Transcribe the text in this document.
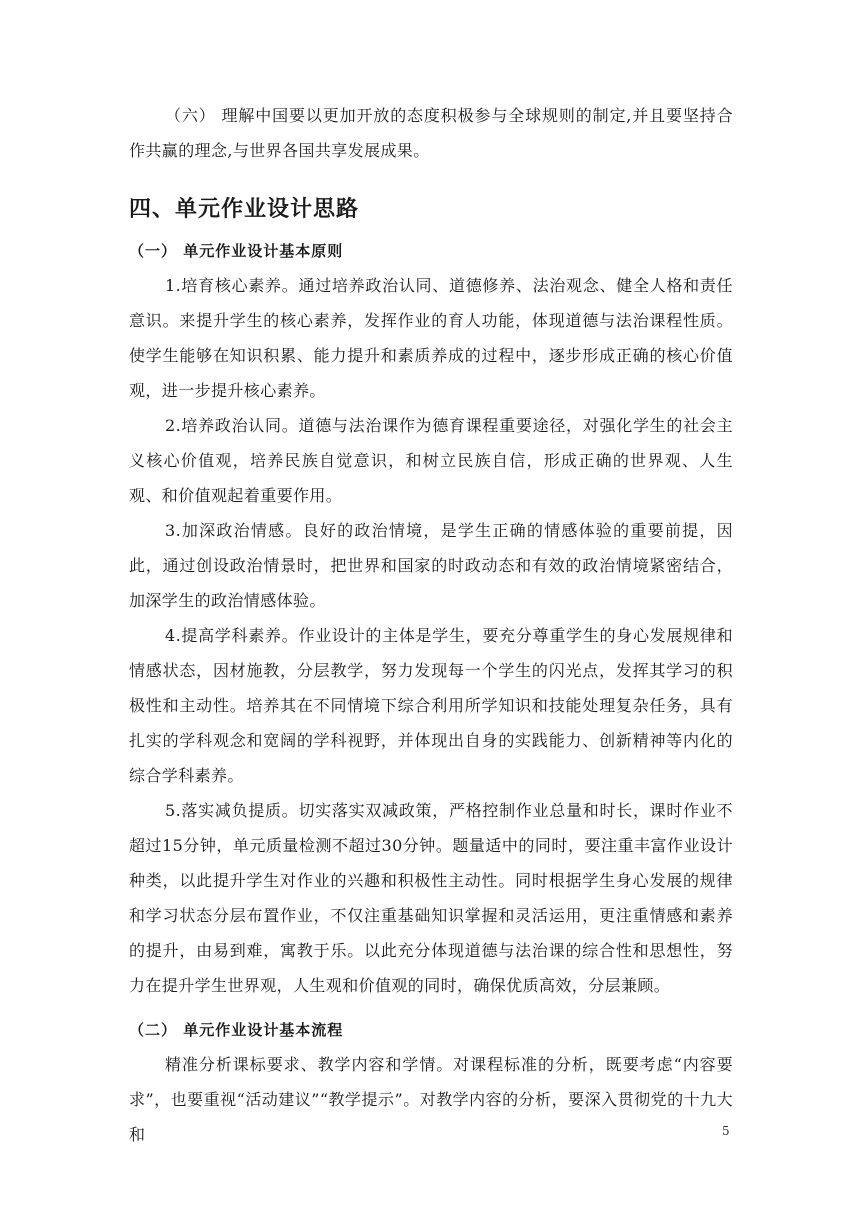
（六） 理解中国要以更加开放的态度积极参与全球规则的制定,并且要坚持合作共赢的理念,与世界各国共享发展成果。

四、单元作业设计思路
（一） 单元作业设计基本原则

1.培育核心素养。通过培养政治认同、道德修养、法治观念、健全人格和责任意识。来提升学生的核心素养，发挥作业的育人功能，体现道德与法治课程性质。使学生能够在知识积累、能力提升和素质养成的过程中，逐步形成正确的核心价值观，进一步提升核心素养。

2.培养政治认同。道德与法治课作为德育课程重要途径，对强化学生的社会主义核心价值观，培养民族自觉意识，和树立民族自信，形成正确的世界观、人生观、和价值观起着重要作用。

3.加深政治情感。良好的政治情境，是学生正确的情感体验的重要前提，因此，通过创设政治情景时，把世界和国家的时政动态和有效的政治情境紧密结合，加深学生的政治情感体验。

4.提高学科素养。作业设计的主体是学生，要充分尊重学生的身心发展规律和情感状态，因材施教，分层教学，努力发现每一个学生的闪光点，发挥其学习的积极性和主动性。培养其在不同情境下综合利用所学知识和技能处理复杂任务，具有扎实的学科观念和宽阔的学科视野，并体现出自身的实践能力、创新精神等内化的综合学科素养。

5.落实减负提质。切实落实双减政策，严格控制作业总量和时长，课时作业不超过15分钟，单元质量检测不超过30分钟。题量适中的同时，要注重丰富作业设计种类，以此提升学生对作业的兴趣和积极性主动性。同时根据学生身心发展的规律和学习状态分层布置作业，不仅注重基础知识掌握和灵活运用，更注重情感和素养的提升，由易到难，寓教于乐。以此充分体现道德与法治课的综合性和思想性，努力在提升学生世界观，人生观和价值观的同时，确保优质高效，分层兼顾。

（二） 单元作业设计基本流程

精准分析课标要求、教学内容和学情。对课程标准的分析，既要考虑“内容要求”，也要重视“活动建议”“教学提示”。对教学内容的分析，要深入贯彻党的十九大和	5
